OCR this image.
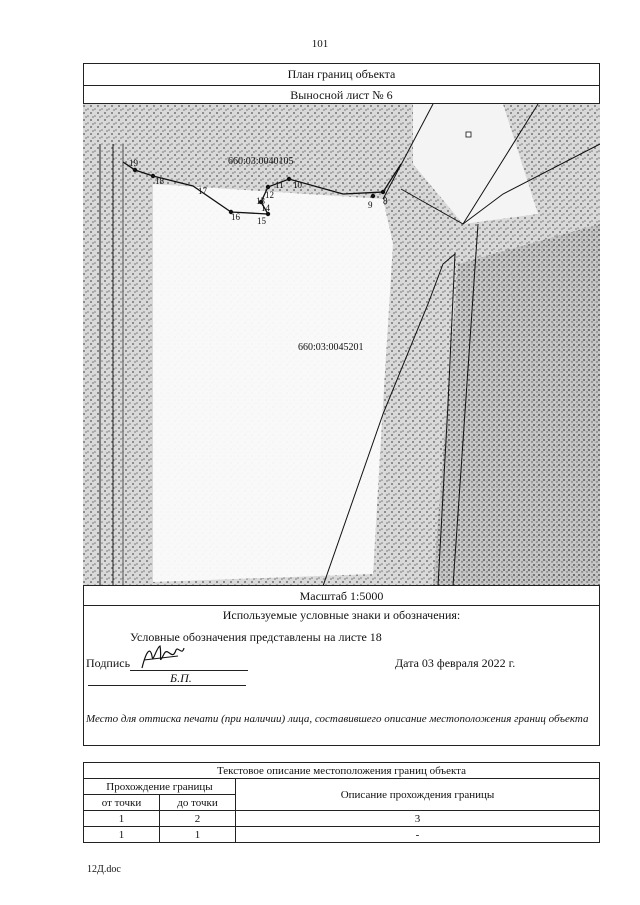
101
План границ объекта
Выносной лист № 6
19
18
17
16 15
14
13
12
11 10
9 8
660:03:0040105
660:03:0045201
Масштаб 1:5000
Используемые условные знаки и обозначения:
Условные обозначения представлены на листе 18
Подпись
Б.П.
Дата 03 февраля 2022 г.
Место для оттиска печати (при наличии) лица, составившего описание местоположения границ объекта
Текстовое описание местоположения границ объекта		
Прохождение границы		Описание прохождения границы
от точки	до точки	
1	2	3
1	1	-
12Д.doc
